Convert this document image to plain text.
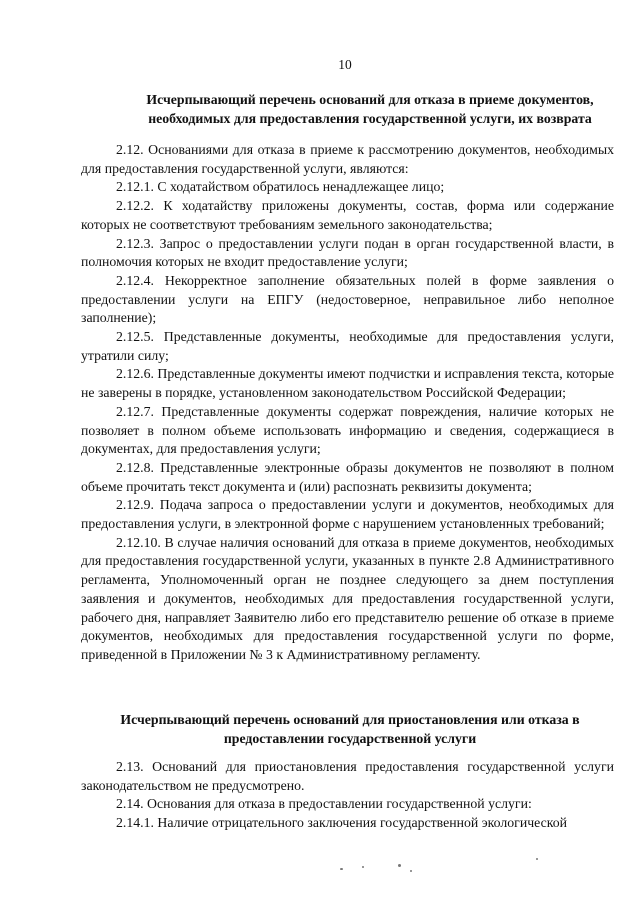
10
Исчерпывающий перечень оснований для отказа в приеме документов,
необходимых для предоставления государственной услуги, их возврата

2.12. Основаниями для отказа в приеме к рассмотрению документов, необходимых для предоставления государственной услуги, являются:

2.12.1. С ходатайством обратилось ненадлежащее лицо;

2.12.2. К ходатайству приложены документы, состав, форма или содержание которых не соответствуют требованиям земельного законодательства;

2.12.3. Запрос о предоставлении услуги подан в орган государственной власти, в полномочия которых не входит предоставление услуги;

2.12.4. Некорректное заполнение обязательных полей в форме заявления о предоставлении услуги на ЕПГУ (недостоверное, неправильное либо неполное заполнение);

2.12.5. Представленные документы, необходимые для предоставления услуги, утратили силу;

2.12.6. Представленные документы имеют подчистки и исправления текста, которые не заверены в порядке, установленном законодательством Российской Федерации;

2.12.7. Представленные документы содержат повреждения, наличие которых не позволяет в полном объеме использовать информацию и сведения, содержащиеся в документах, для предоставления услуги;

2.12.8. Представленные электронные образы документов не позволяют в полном объеме прочитать текст документа и (или) распознать реквизиты документа;

2.12.9. Подача запроса о предоставлении услуги и документов, необходимых для предоставления услуги, в электронной форме с нарушением установленных требований;

2.12.10. В случае наличия оснований для отказа в приеме документов, необходимых для предоставления государственной услуги, указанных в пункте 2.8 Административного регламента, Уполномоченный орган не позднее следующего за днем поступления заявления и документов, необходимых для предоставления государственной услуги, рабочего дня, направляет Заявителю либо его представителю решение об отказе в приеме документов, необходимых для предоставления государственной услуги по форме, приведенной в Приложении № 3 к Административному регламенту.

Исчерпывающий перечень оснований для приостановления или отказа в
предоставлении государственной услуги

2.13. Оснований для приостановления предоставления государственной услуги законодательством не предусмотрено.

2.14. Основания для отказа в предоставлении государственной услуги:

2.14.1. Наличие отрицательного заключения государственной экологической
